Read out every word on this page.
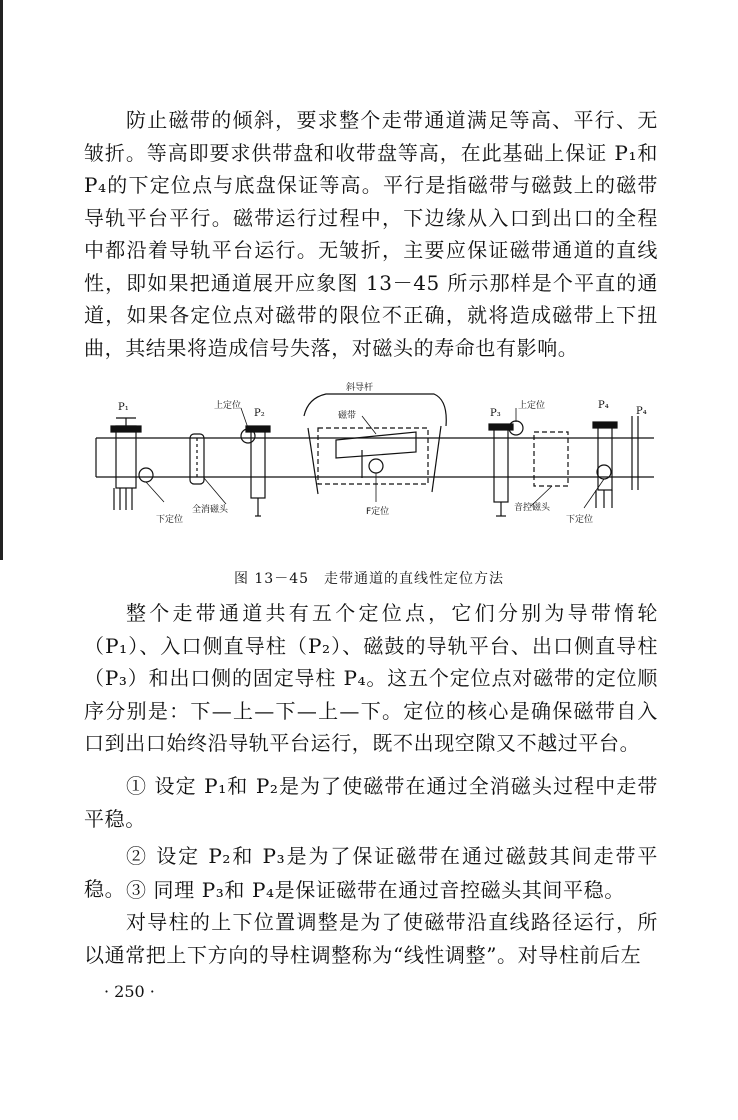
防止磁带的倾斜，要求整个走带通道满足等高、平行、无皱折。等高即要求供带盘和收带盘等高，在此基础上保证 P₁和 P₄的下定位点与底盘保证等高。平行是指磁带与磁鼓上的磁带导轨平台平行。磁带运行过程中，下边缘从入口到出口的全程中都沿着导轨平台运行。无皱折，主要应保证磁带通道的直线性，即如果把通道展开应象图 13－45 所示那样是个平直的通道，如果各定位点对磁带的限位不正确，就将造成磁带上下扭曲，其结果将造成信号失落，对磁头的寿命也有影响。

斜导杆
P₁	上定位
P₂	磁带	P₃
上定位	P₄
P₄
全消磁头
下定位
F定位	音控磁头
下定位
图 13－45　走带通道的直线性定位方法

整个走带通道共有五个定位点，它们分别为导带惰轮（P₁）、入口侧直导柱（P₂）、磁鼓的导轨平台、出口侧直导柱（P₃）和出口侧的固定导柱 P₄。这五个定位点对磁带的定位顺序分别是：下—上—下—上—下。定位的核心是确保磁带自入口到出口始终沿导轨平台运行，既不出现空隙又不越过平台。

① 设定 P₁和 P₂是为了使磁带在通过全消磁头过程中走带平稳。

② 设定 P₂和 P₃是为了保证磁带在通过磁鼓其间走带平稳。 ③ 同理 P₃和 P₄是保证磁带在通过音控磁头其间平稳。

对导柱的上下位置调整是为了使磁带沿直线路径运行，所以通常把上下方向的导柱调整称为“线性调整”。对导柱前后左

· 250 ·
